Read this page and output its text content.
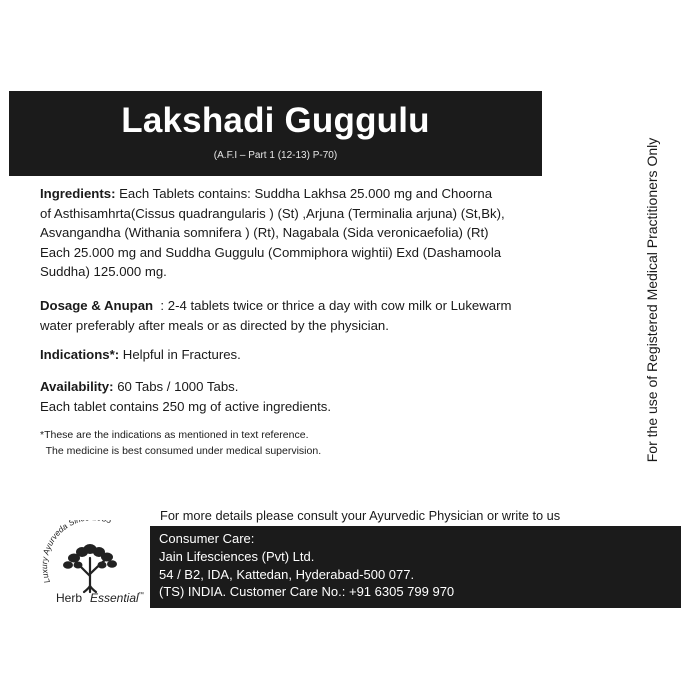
Lakshadi Guggulu
(A.F.I – Part 1 (12-13) P-70)
Ingredients: Each Tablets contains: Suddha Lakhsa 25.000 mg and Choorna
of Asthisamhrta(Cissus quadrangularis ) (St) ,Arjuna (Terminalia arjuna) (St,Bk),
Asvangandha (Withania somnifera ) (Rt), Nagabala (Sida veronicaefolia) (Rt)
Each 25.000 mg and Suddha Guggulu (Commiphora wightii) Exd (Dashamoola
Suddha) 125.000 mg.
Dosage & Anupan  : 2-4 tablets twice or thrice a day with cow milk or Lukewarm
water preferably after meals or as directed by the physician.
Indications*: Helpful in Fractures.
Availability: 60 Tabs / 1000 Tabs.
Each tablet contains 250 mg of active ingredients.
*These are the indications as mentioned in text reference.
The medicine is best consumed under medical supervision.	For the use of Registered Medical Practitioners Only
For more details please consult your Ayurvedic Physician or write to us
Luxury Ayurveda Si
Herb Essential ™
Consumer Care:
Jain Lifesciences (Pvt) Ltd.
54 / B2, IDA, Kattedan, Hyderabad-500 077.
(TS) INDIA. Customer Care No.: +91 6305 799 970
